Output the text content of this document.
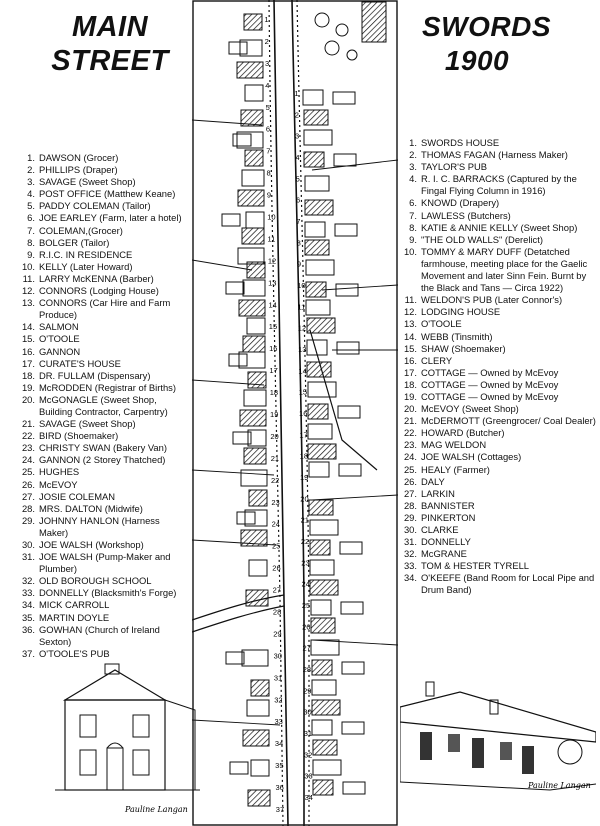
MAIN
STREET
SWORDS
1900
1. DAWSON (Grocer)
2. PHILLIPS (Draper)
3. SAVAGE (Sweet Shop)
4. POST OFFICE (Matthew Keane)
5. PADDY COLEMAN (Tailor)
6. JOE EARLEY (Farm, later a hotel)
7. COLEMAN,(Grocer)
8. BOLGER (Tailor)
9. R.I.C. IN RESIDENCE
10. KELLY (Later Howard)
11. LARRY McKENNA (Barber)
12. CONNORS (Lodging House)
13. CONNORS (Car Hire and Farm Produce)
14. SALMON
15. O'TOOLE
16. GANNON
17. CURATE'S HOUSE
18. DR. FULLAM (Dispensary)
19. McRODDEN (Registrar of Births)
20. McGONAGLE (Sweet Shop, Building Contractor, Carpentry)
21. SAVAGE (Sweet Shop)
22. BIRD (Shoemaker)
23. CHRISTY SWAN (Bakery Van)
24. GANNON (2 Storey Thatched)
25. HUGHES
26. McEVOY
27. JOSIE COLEMAN
28. MRS. DALTON (Midwife)
29. JOHNNY HANLON (Harness Maker)
30. JOE WALSH (Workshop)
31. JOE WALSH (Pump-Maker and Plumber)
32. OLD BOROUGH SCHOOL
33. DONNELLY (Blacksmith's Forge)
34. MICK CARROLL
35. MARTIN DOYLE
36. GOWHAN (Church of Ireland Sexton)
37. O'TOOLE'S PUB
1. SWORDS HOUSE
2. THOMAS FAGAN (Harness Maker)
3. TAYLOR'S PUB
4. R. I. C. BARRACKS (Captured by the Fingal Flying Column in 1916)
6. KNOWD (Drapery)
7. LAWLESS (Butchers)
8. KATIE & ANNIE KELLY (Sweet Shop)
9. "THE OLD WALLS" (Derelict)
10. TOMMY & MARY DUFF (Detatched farmhouse, meeting place for the Gaelic Movement and later Sinn Fein. Burnt by the Black and Tans — Circa 1922)
11. WELDON'S PUB (Later Connor's)
12. LODGING HOUSE
13. O'TOOLE
14. WEBB (Tinsmith)
15. SHAW (Shoemaker)
16. CLERY
17. COTTAGE — Owned by McEvoy
18. COTTAGE — Owned by McEvoy
19. COTTAGE — Owned by McEvoy
20. McEVOY (Sweet Shop)
21. McDERMOTT (Greengrocer/ Coal Dealer)
22. HOWARD (Butcher)
23. MAG WELDON
24. JOE WALSH (Cottages)
25. HEALY (Farmer)
26. DALY
27. LARKIN
28. BANNISTER
29. PINKERTON
30. CLARKE
31. DONNELLY
32. McGRANE
33. TOM & HESTER TYRELL
34. O'KEEFE (Band Room for Local Pipe and Drum Band)
1
2
3
4
5
6
7
8
9
10
11
12
13
14
15
16
17
18
19
20
21
22
23
24
25
26
27
28
29
30
31
32
33
34
35
36
37
1
2
3
4
5
6
7
8
9
10
11
12
13
14
15
16
17
18
19
20
21
22
23
24
25
26
27
28
29
30
31
32
33
34
Pauline Langan
Pauline Langan
